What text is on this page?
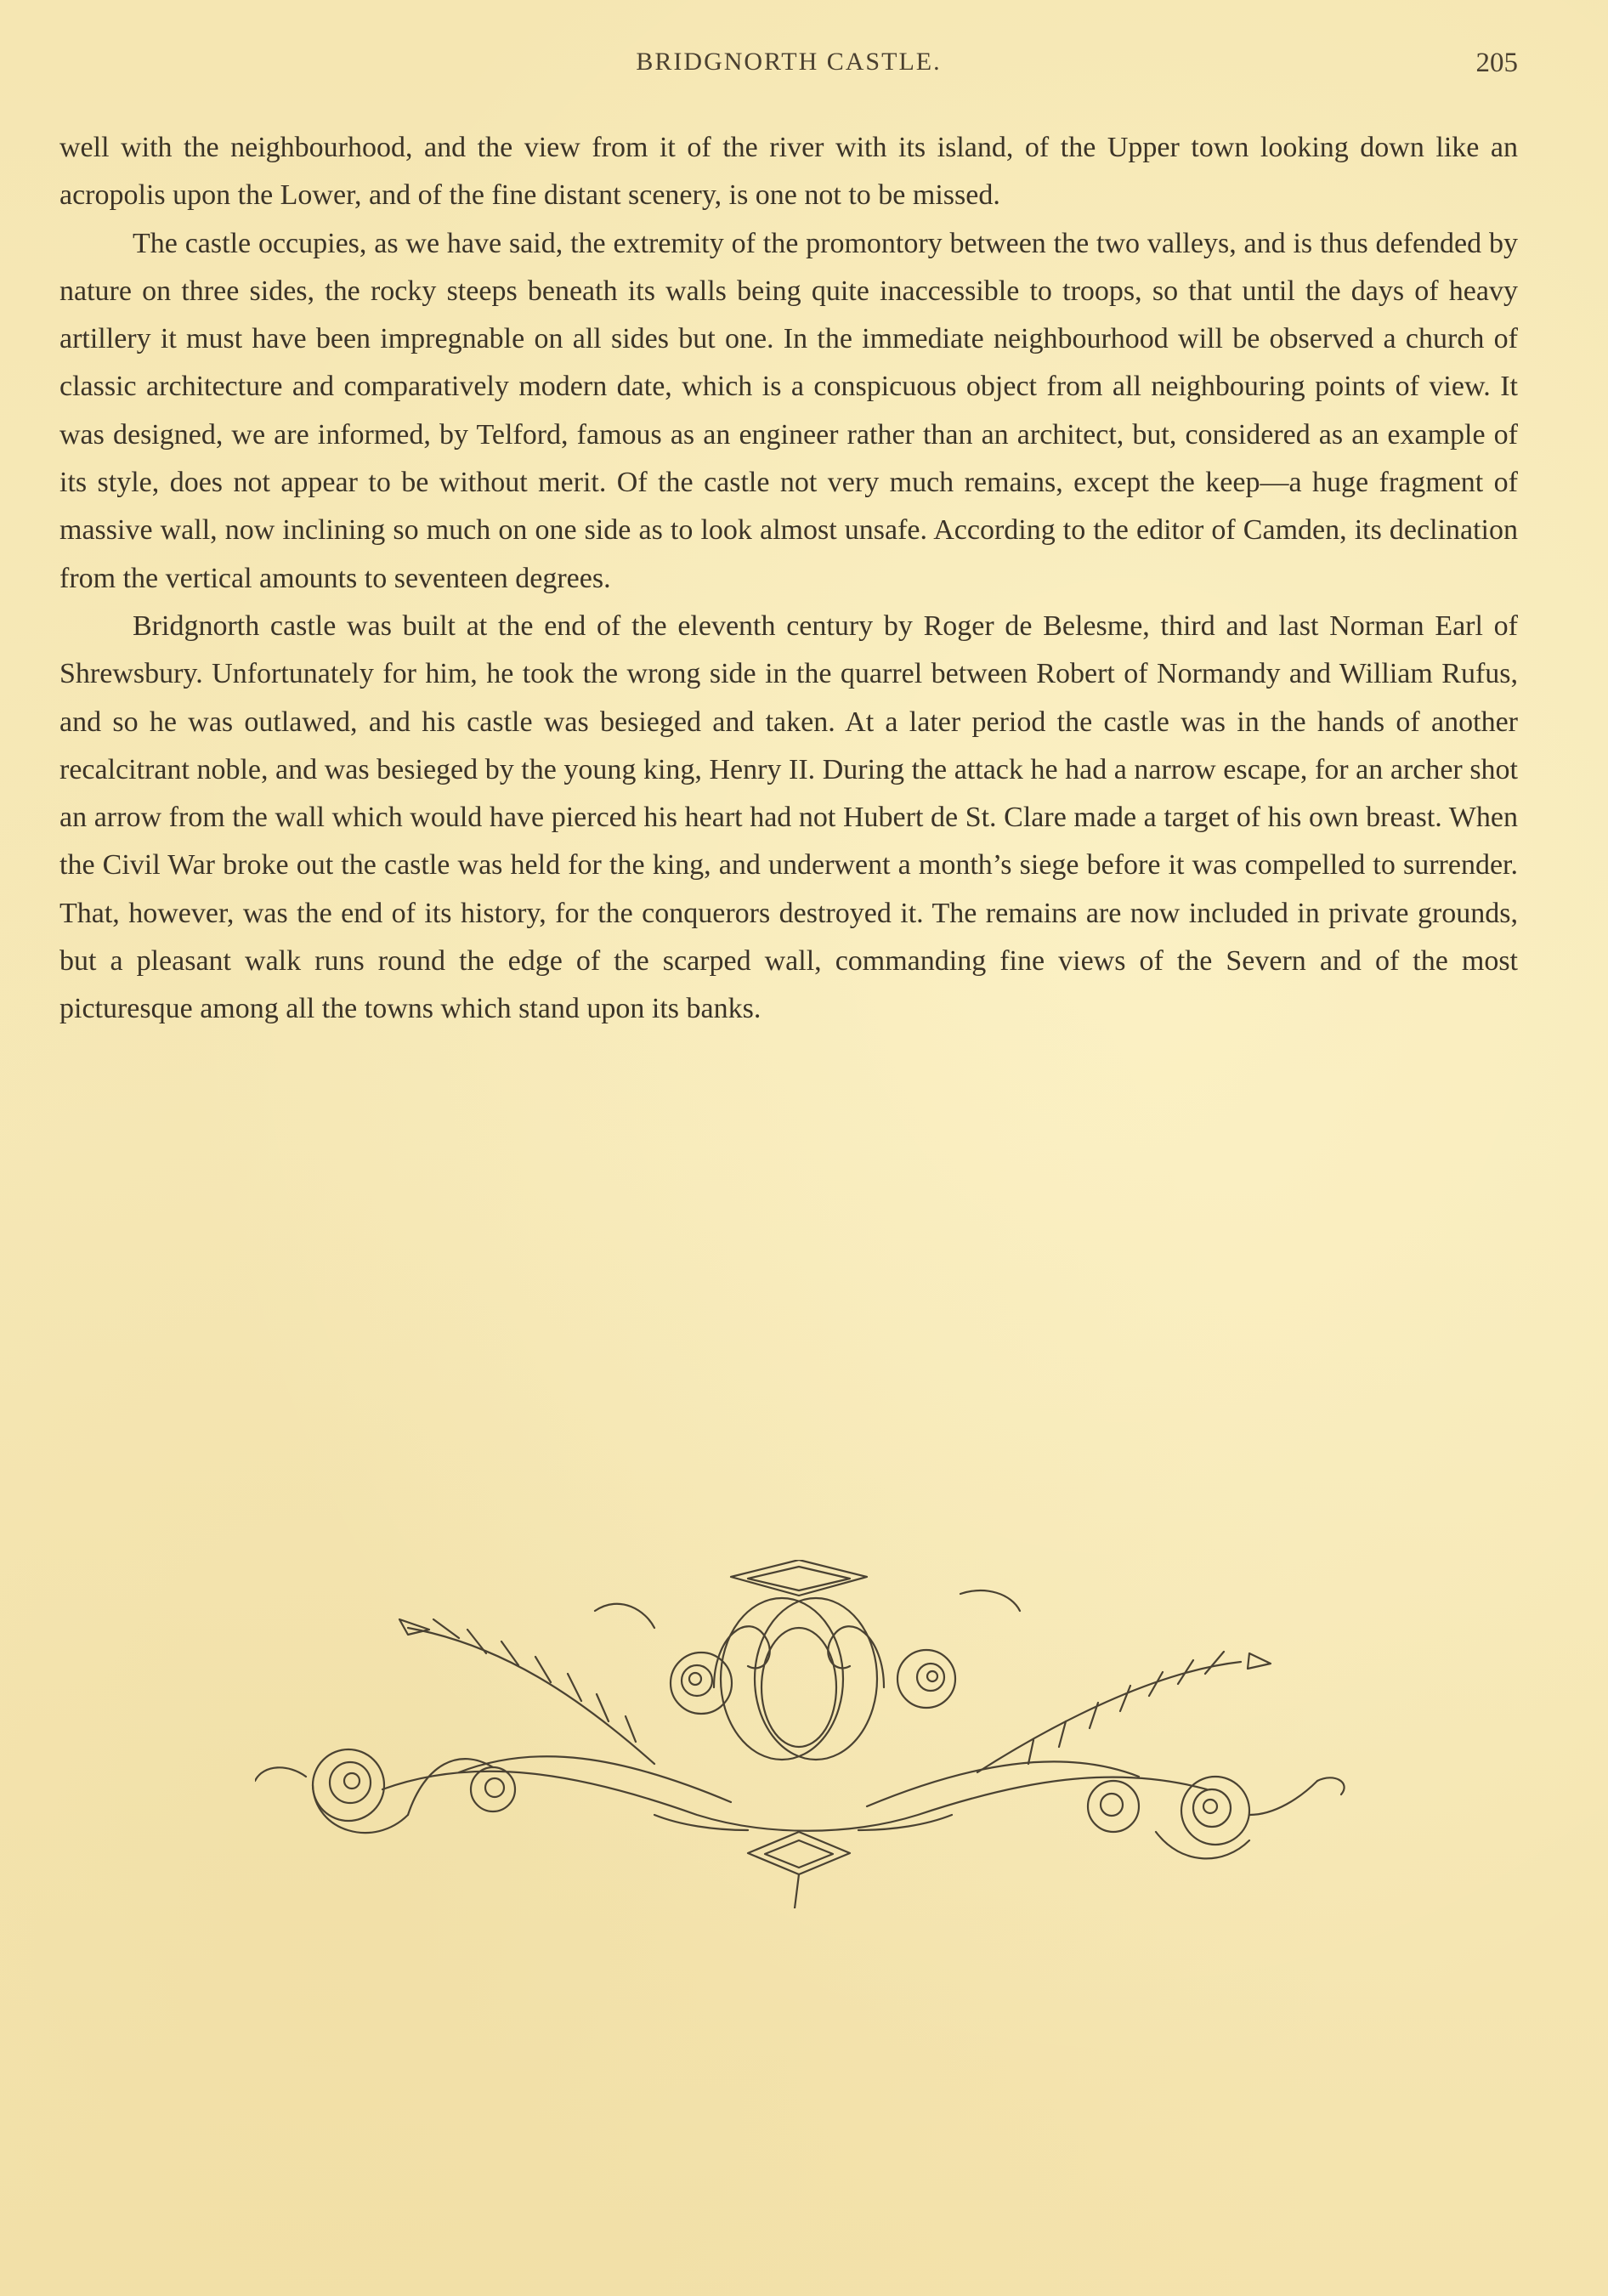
BRIDGNORTH CASTLE.	205

well with the neighbourhood, and the view from it of the river with its island, of the Upper town looking down like an acropolis upon the Lower, and of the fine distant scenery, is one not to be missed.

The castle occupies, as we have said, the extremity of the promontory between the two valleys, and is thus defended by nature on three sides, the rocky steeps beneath its walls being quite inaccessible to troops, so that until the days of heavy artillery it must have been impregnable on all sides but one. In the immediate neighbourhood will be observed a church of classic architecture and comparatively modern date, which is a conspicuous object from all neighbouring points of view. It was designed, we are informed, by Telford, famous as an engineer rather than an architect, but, considered as an example of its style, does not appear to be without merit. Of the castle not very much remains, except the keep—a huge fragment of massive wall, now inclining so much on one side as to look almost unsafe. According to the editor of Camden, its declination from the vertical amounts to seventeen degrees.

Bridgnorth castle was built at the end of the eleventh century by Roger de Belesme, third and last Norman Earl of Shrewsbury. Unfortunately for him, he took the wrong side in the quarrel between Robert of Normandy and William Rufus, and so he was outlawed, and his castle was besieged and taken. At a later period the castle was in the hands of another recalcitrant noble, and was besieged by the young king, Henry II. During the attack he had a narrow escape, for an archer shot an arrow from the wall which would have pierced his heart had not Hubert de St. Clare made a target of his own breast. When the Civil War broke out the castle was held for the king, and underwent a month’s siege before it was compelled to surrender. That, however, was the end of its history, for the conquerors destroyed it. The remains are now included in private grounds, but a pleasant walk runs round the edge of the scarped wall, commanding fine views of the Severn and of the most picturesque among all the towns which stand upon its banks.
